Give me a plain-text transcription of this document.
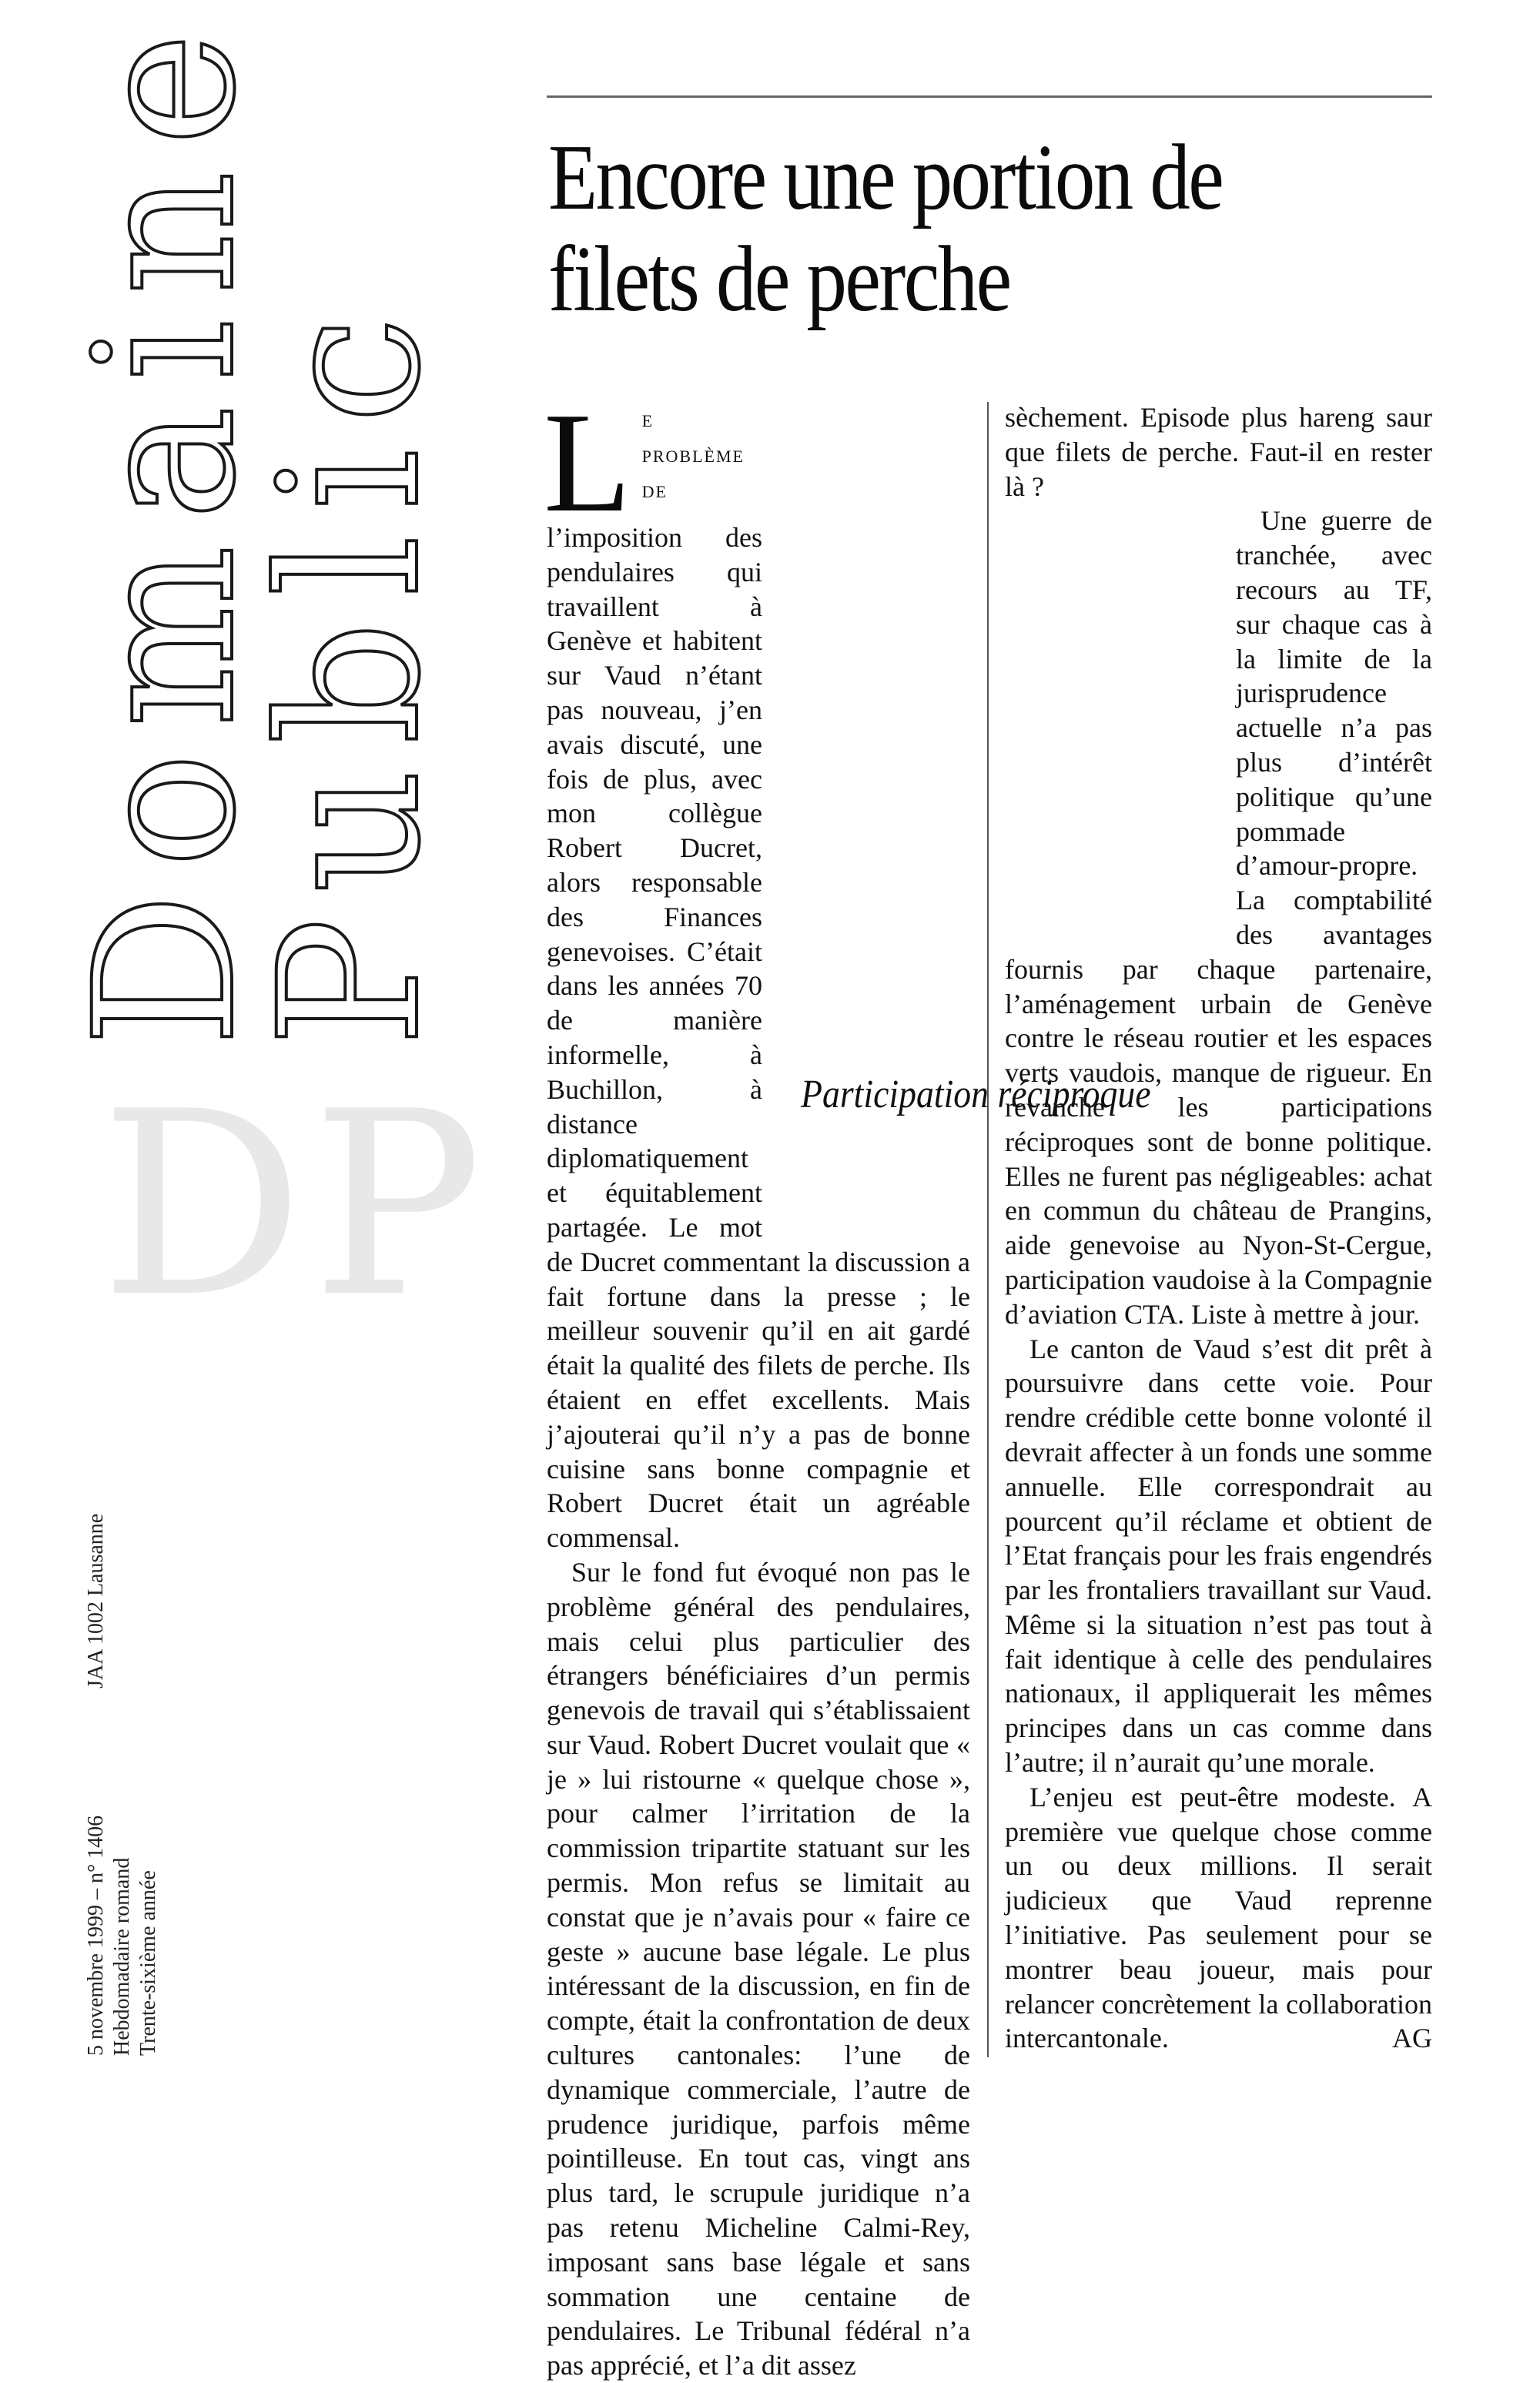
Domaine
Public
DP
5 novembre 1999 – n° 1406JAA 1002 Lausanne
Hebdomadaire romand Trente-sixième année
Encore une portion de filets de perche

Le problème de l’imposition des pendulaires qui travaillent à Genève et habitent sur Vaud n’étant pas nouveau, j’en avais discuté, une fois de plus, avec mon collègue Robert Ducret, alors responsable des Finances genevoises. C’était dans les années 70 de manière informelle, à Buchillon, à distance diplomatiquement et équitablement partagée. Le mot de Ducret commentant la discussion a fait fortune dans la presse ; le meilleur souvenir qu’il en ait gardé était la qualité des filets de perche. Ils étaient en effet excellents. Mais j’ajouterai qu’il n’y a pas de bonne cuisine sans bonne compagnie et Robert Ducret était un agréable commensal.

Sur le fond fut évoqué non pas le problème général des pendulaires, mais celui plus particulier des étrangers bénéficiaires d’un permis genevois de travail qui s’établissaient sur Vaud. Robert Ducret voulait que « je » lui ristourne « quelque chose », pour calmer l’irritation de la commission tripartite statuant sur les permis. Mon refus se limitait au constat que je n’avais pour « faire ce geste » aucune base légale. Le plus intéressant de la discussion, en fin de compte, était la confrontation de deux cultures cantonales: l’une de dynamique commerciale, l’autre de prudence juridique, parfois même pointilleuse. En tout cas, vingt ans plus tard, le scrupule juridique n’a pas retenu Micheline Calmi-Rey, imposant sans base légale et sans sommation une centaine de pendulaires. Le Tribunal fédéral n’a pas apprécié, et l’a dit assez

sèchement. Episode plus hareng saur que filets de perche. Faut-il en rester là ?

Une guerre de tranchée, avec recours au TF, sur chaque cas à la limite de la jurisprudence actuelle n’a pas plus d’intérêt politique qu’une pommade d’amour-propre. La comptabilité des avantages fournis par chaque partenaire, l’aménagement urbain de Genève contre le réseau routier et les espaces verts vaudois, manque de rigueur. En revanche les participations réciproques sont de bonne politique. Elles ne furent pas négligeables: achat en commun du château de Prangins, aide genevoise au Nyon-St-Cergue, participation vaudoise à la Compagnie d’aviation CTA. Liste à mettre à jour.

Le canton de Vaud s’est dit prêt à poursuivre dans cette voie. Pour rendre crédible cette bonne volonté il devrait affecter à un fonds une somme annuelle. Elle correspondrait au pourcent qu’il réclame et obtient de l’Etat français pour les frais engendrés par les frontaliers travaillant sur Vaud. Même si la situation n’est pas tout à fait identique à celle des pendulaires nationaux, il appliquerait les mêmes principes dans un cas comme dans l’autre; il n’aurait qu’une morale.

L’enjeu est peut-être modeste. A première vue quelque chose comme un ou deux millions. Il serait judicieux que Vaud reprenne l’initiative. Pas seulement pour se montrer beau joueur, mais pour relancer concrètement la collaboration intercantonale.	AG

Participation réciproque
